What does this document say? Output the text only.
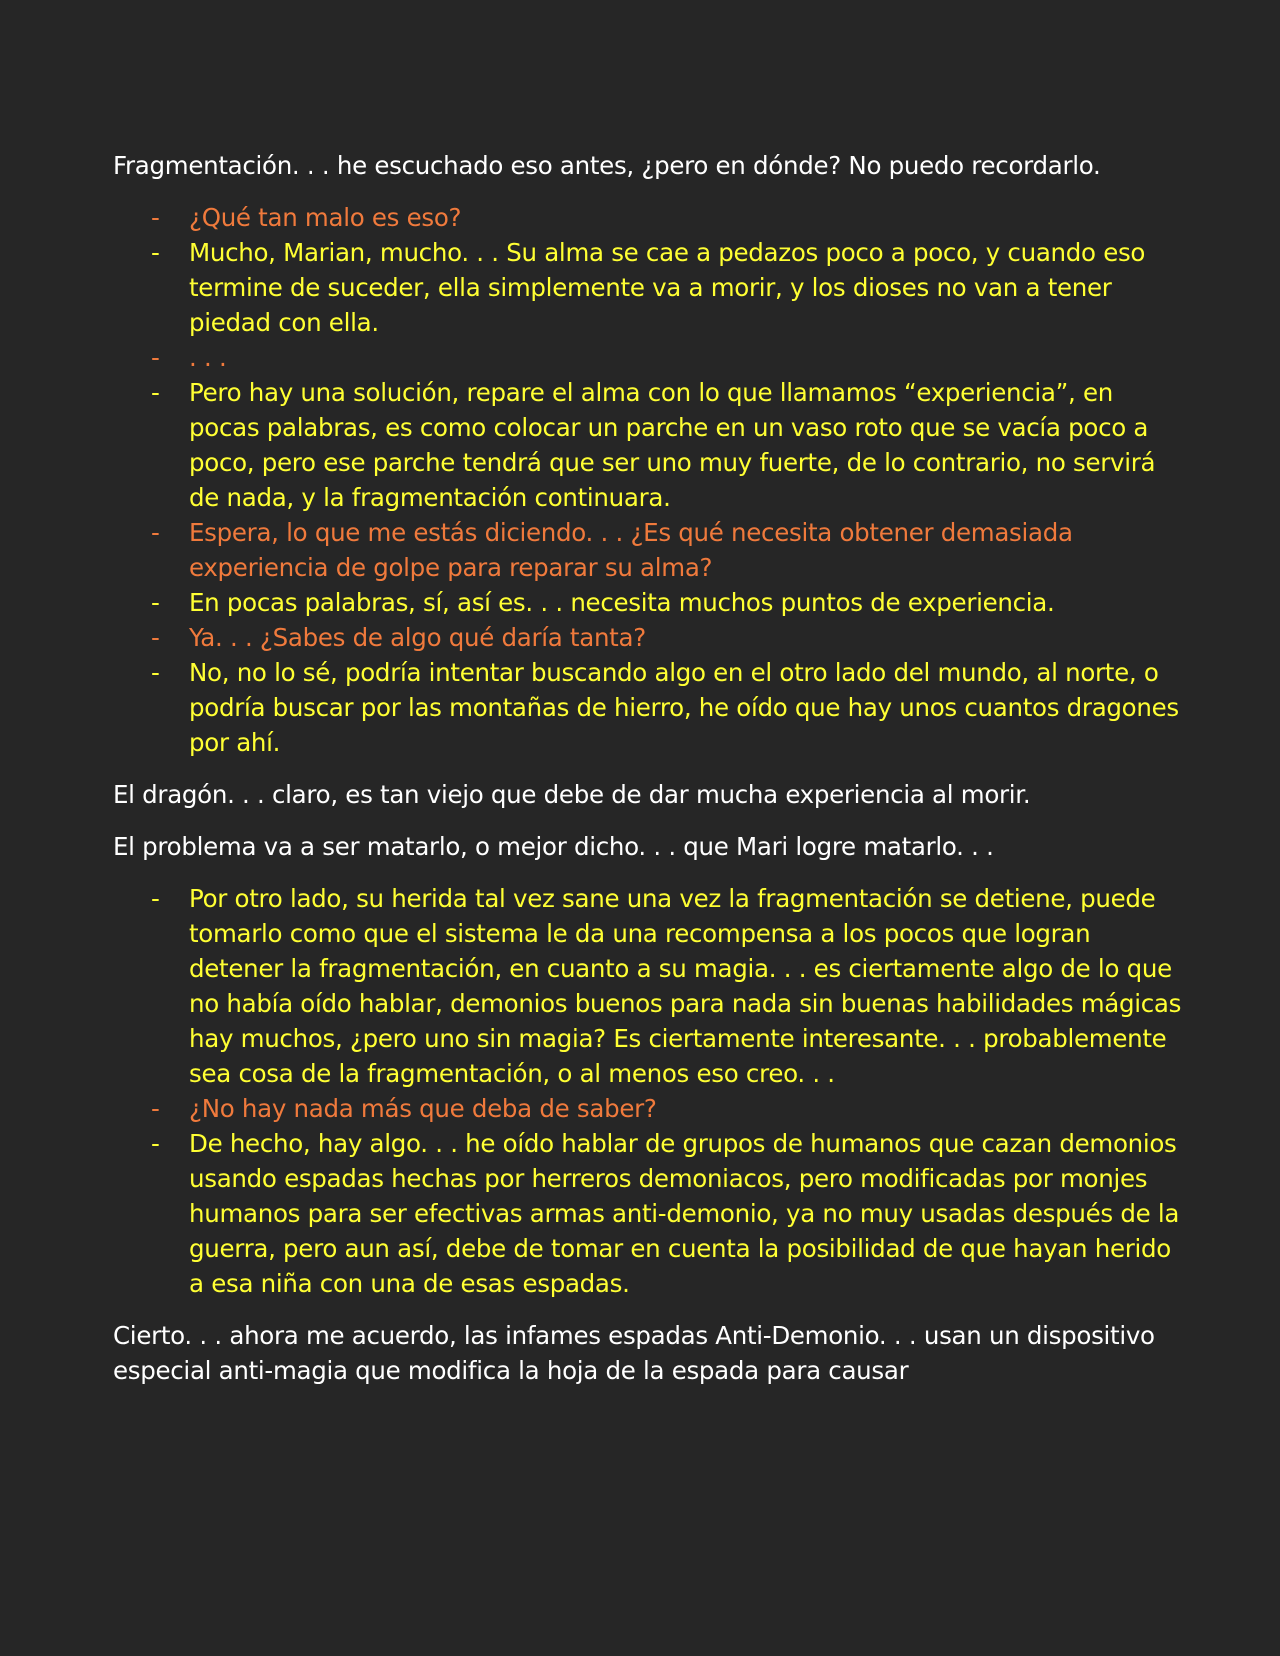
Fragmentación. . . he escuchado eso antes, ¿pero en dónde? No puedo recordarlo.

- ¿Qué tan malo es eso?
- Mucho, Marian, mucho. . . Su alma se cae a pedazos poco a poco, y cuando eso termine de suceder, ella simplemente va a morir, y los dioses no van a tener piedad con ella.
- . . .
- Pero hay una solución, repare el alma con lo que llamamos “experiencia”, en pocas palabras, es como colocar un parche en un vaso roto que se vacía poco a poco, pero ese parche tendrá que ser uno muy fuerte, de lo contrario, no servirá de nada, y la fragmentación continuara.
- Espera, lo que me estás diciendo. . . ¿Es qué necesita obtener demasiada experiencia de golpe para reparar su alma?
- En pocas palabras, sí, así es. . . necesita muchos puntos de experiencia.
- Ya. . . ¿Sabes de algo qué daría tanta?
- No, no lo sé, podría intentar buscando algo en el otro lado del mundo, al norte, o podría buscar por las montañas de hierro, he oído que hay unos cuantos dragones por ahí.

El dragón. . . claro, es tan viejo que debe de dar mucha experiencia al morir.

El problema va a ser matarlo, o mejor dicho. . . que Mari logre matarlo. . .

- Por otro lado, su herida tal vez sane una vez la fragmentación se detiene, puede tomarlo como que el sistema le da una recompensa a los pocos que logran detener la fragmentación, en cuanto a su magia. . . es ciertamente algo de lo que no había oído hablar, demonios buenos para nada sin buenas habilidades mágicas hay muchos, ¿pero uno sin magia? Es ciertamente interesante. . . probablemente sea cosa de la fragmentación, o al menos eso creo. . .
- ¿No hay nada más que deba de saber?
- De hecho, hay algo. . . he oído hablar de grupos de humanos que cazan demonios usando espadas hechas por herreros demoniacos, pero modificadas por monjes humanos para ser efectivas armas anti-demonio, ya no muy usadas después de la guerra, pero aun así, debe de tomar en cuenta la posibilidad de que hayan herido a esa niña con una de esas espadas.

Cierto. . . ahora me acuerdo, las infames espadas Anti-Demonio. . . usan un dispositivo especial anti-magia que modifica la hoja de la espada para causar
